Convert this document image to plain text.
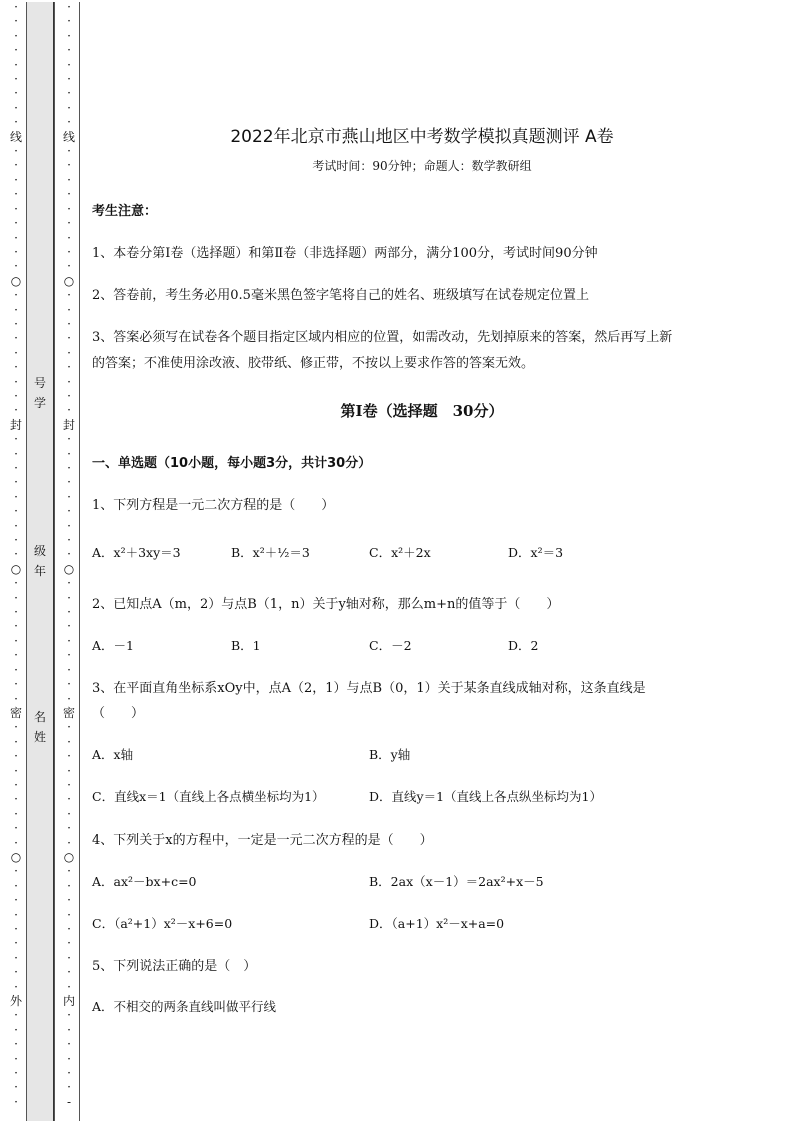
·
·
·
·
·
·
·
·
·
线
·
·
·
·
·
·
·
·
·
○
·
·
·
·
·
·
·
·
·
封
·
·
·
·
·
·
·
·
·
○
·
·
·
·
·
·
·
·
·
密
·
·
·
·
·
·
·
·
·
○
·
·
·
·
·
·
·
·
·
外
·
·
·
·
·
·
·
·
·
·
·
·
·
·
·
·
线
·
·
·
·
·
·
·
·
·
○
·
·
·
·
·
·
·
·
·
封
·
·
·
·
·
·
·
·
·
○
·
·
·
·
·
·
·
·
·
密
·
·
·
·
·
·
·
·
·
○
·
·
·
·
·
·
·
·
·
内
·
·
·
·
·
·
-
号
学
级
年
名
姓
2022年北京市燕山地区中考数学模拟真题测评 A卷
考试时间：90分钟；命题人：数学教研组
考生注意：
1、本卷分第I卷（选择题）和第Ⅱ卷（非选择题）两部分，满分100分，考试时间90分钟
2、答卷前，考生务必用0.5毫米黑色签字笔将自己的姓名、班级填写在试卷规定位置上
3、答案必须写在试卷各个题目指定区域内相应的位置，如需改动，先划掉原来的答案，然后再写上新
的答案；不准使用涂改液、胶带纸、修正带，不按以上要求作答的答案无效。
第I卷（选择题　30分）
一、单选题（10小题，每小题3分，共计30分）
1、下列方程是一元二次方程的是（　　）
A．x²＋3xy＝3	B．x²＋½＝3	C．x²＋2x	D．x²＝3
2、已知点A（m，2）与点B（1，n）关于y轴对称，那么m+n的值等于（　　）
A．－1	B．1	C．－2	D．2
3、在平面直角坐标系xOy中，点A（2，1）与点B（0，1）关于某条直线成轴对称，这条直线是
（　　）
A．x轴	B．y轴
C．直线x＝1（直线上各点横坐标均为1）	D．直线y＝1（直线上各点纵坐标均为1）
4、下列关于x的方程中，一定是一元二次方程的是（　　）
A．ax²－bx+c=0	B．2ax（x－1）＝2ax²+x－5
C．（a²+1）x²－x+6=0	D．（a+1）x²－x+a=0
5、下列说法正确的是（　）
A．不相交的两条直线叫做平行线
